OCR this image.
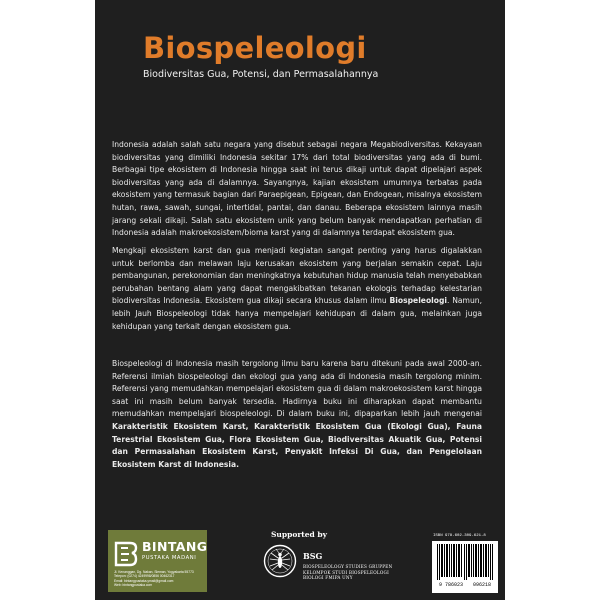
Biospeleologi
Biodiversitas Gua, Potensi, dan Permasalahannya

Indonesia adalah salah satu negara yang disebut sebagai negara Megabiodiversitas. Kekayaan biodiversitas yang dimiliki Indonesia sekitar 17% dari total biodiversitas yang ada di bumi. Berbagai tipe ekosistem di Indonesia hingga saat ini terus dikaji untuk dapat dipelajari aspek biodiversitas yang ada di dalamnya. Sayangnya, kajian ekosistem umumnya terbatas pada ekosistem yang termasuk bagian dari Paraepigean, Epigean, dan Endogean, misalnya ekosistem hutan, rawa, sawah, sungai, intertidal, pantai, dan danau. Beberapa ekosistem lainnya masih jarang sekali dikaji. Salah satu ekosistem unik yang belum banyak mendapatkan perhatian di Indonesia adalah makroekosistem/bioma karst yang di dalamnya terdapat ekosistem gua.

Mengkaji ekosistem karst dan gua menjadi kegiatan sangat penting yang harus digalakkan untuk berlomba dan melawan laju kerusakan ekosistem yang berjalan semakin cepat. Laju pembangunan, perekonomian dan meningkatnya kebutuhan hidup manusia telah menyebabkan perubahan bentang alam yang dapat mengakibatkan tekanan ekologis terhadap kelestarian biodiversitas Indonesia. Ekosistem gua dikaji secara khusus dalam ilmu Biospeleologi. Namun, lebih Jauh Biospeleologi tidak hanya mempelajari kehidupan di dalam gua, melainkan juga kehidupan yang terkait dengan ekosistem gua.

Biospeleologi di Indonesia masih tergolong ilmu baru karena baru ditekuni pada awal 2000-an. Referensi ilmiah biospeleologi dan ekologi gua yang ada di Indonesia masih tergolong minim. Referensi yang memudahkan mempelajari ekosistem gua di dalam makroekosistem karst hingga saat ini masih belum banyak tersedia. Hadirnya buku ini diharapkan dapat membantu memudahkan mempelajari biospeleologi. Di dalam buku ini, dipaparkan lebih jauh mengenai Karakteristik Ekosistem Karst, Karakteristik Ekosistem Gua (Ekologi Gua), Fauna Terestrial Ekosistem Gua, Flora Ekosistem Gua, Biodiversitas Akuatik Gua, Potensi dan Permasalahan Ekosistem Karst, Penyakit Infeksi Di Gua, dan Pengelolaan Ekosistem Karst di Indonesia.

Supported by
BSG
BIOSPELEOLOGY STUDIES GRUPPEN
KELOMPOK STUDI BIOSPELEOLOGI
BIOLOGI FMIPA UNY
ISBN 978-602-309-621-8
9 786023 096218
BINTANG
PUSTAKA MADANI
Jl. Kenanggan, Dg. Nakan, Sleman, Yogyakarta 55773
Telepon: (0274) 4249998/0856 00462317
Email: bintangpustaka.ymail@gmail.com
Web: bintangpustaka.com
